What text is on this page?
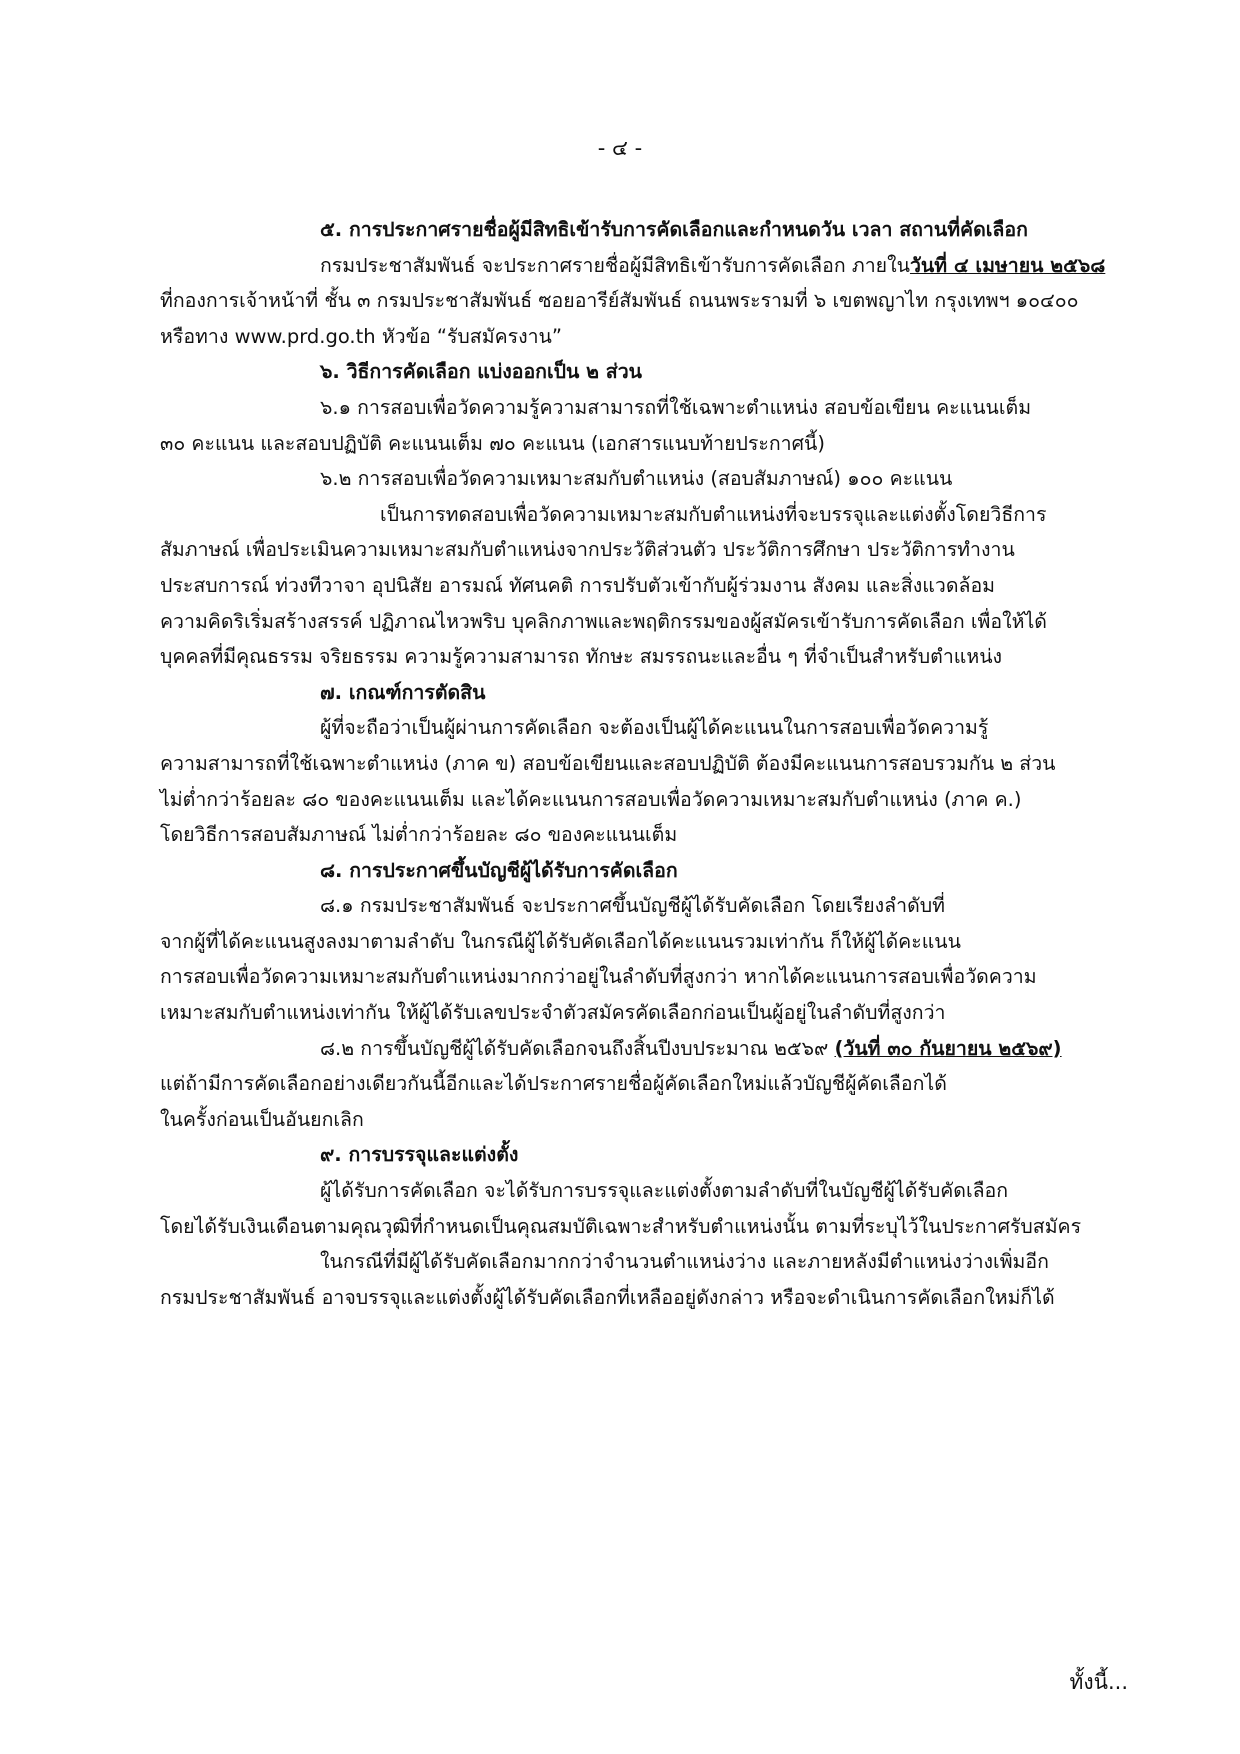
- ๔ -
๕. การประกาศรายชื่อผู้มีสิทธิเข้ารับการคัดเลือกและกำหนดวัน เวลา สถานที่คัดเลือก
กรมประชาสัมพันธ์ จะประกาศรายชื่อผู้มีสิทธิเข้ารับการคัดเลือก ภายในวันที่ ๔ เมษายน ๒๕๖๘
ที่กองการเจ้าหน้าที่ ชั้น ๓ กรมประชาสัมพันธ์ ซอยอารีย์สัมพันธ์ ถนนพระรามที่ ๖ เขตพญาไท กรุงเทพฯ ๑๐๔๐๐
หรือทาง www.prd.go.th หัวข้อ “รับสมัครงาน”
๖. วิธีการคัดเลือก แบ่งออกเป็น ๒ ส่วน
๖.๑ การสอบเพื่อวัดความรู้ความสามารถที่ใช้เฉพาะตำแหน่ง สอบข้อเขียน คะแนนเต็ม
๓๐ คะแนน และสอบปฏิบัติ คะแนนเต็ม ๗๐ คะแนน (เอกสารแนบท้ายประกาศนี้)
๖.๒ การสอบเพื่อวัดความเหมาะสมกับตำแหน่ง (สอบสัมภาษณ์) ๑๐๐ คะแนน
เป็นการทดสอบเพื่อวัดความเหมาะสมกับตำแหน่งที่จะบรรจุและแต่งตั้งโดยวิธีการ
สัมภาษณ์ เพื่อประเมินความเหมาะสมกับตำแหน่งจากประวัติส่วนตัว ประวัติการศึกษา ประวัติการทำงาน
ประสบการณ์ ท่วงทีวาจา อุปนิสัย อารมณ์ ทัศนคติ การปรับตัวเข้ากับผู้ร่วมงาน สังคม และสิ่งแวดล้อม
ความคิดริเริ่มสร้างสรรค์ ปฏิภาณไหวพริบ บุคลิกภาพและพฤติกรรมของผู้สมัครเข้ารับการคัดเลือก เพื่อให้ได้
บุคคลที่มีคุณธรรม จริยธรรม ความรู้ความสามารถ ทักษะ สมรรถนะและอื่น ๆ ที่จำเป็นสำหรับตำแหน่ง
๗. เกณฑ์การตัดสิน
ผู้ที่จะถือว่าเป็นผู้ผ่านการคัดเลือก จะต้องเป็นผู้ได้คะแนนในการสอบเพื่อวัดความรู้
ความสามารถที่ใช้เฉพาะตำแหน่ง (ภาค ข) สอบข้อเขียนและสอบปฏิบัติ ต้องมีคะแนนการสอบรวมกัน ๒ ส่วน
ไม่ต่ำกว่าร้อยละ ๘๐ ของคะแนนเต็ม และได้คะแนนการสอบเพื่อวัดความเหมาะสมกับตำแหน่ง (ภาค ค.)
โดยวิธีการสอบสัมภาษณ์ ไม่ต่ำกว่าร้อยละ ๘๐ ของคะแนนเต็ม
๘. การประกาศขึ้นบัญชีผู้ได้รับการคัดเลือก
๘.๑ กรมประชาสัมพันธ์ จะประกาศขึ้นบัญชีผู้ได้รับคัดเลือก โดยเรียงลำดับที่
จากผู้ที่ได้คะแนนสูงลงมาตามลำดับ ในกรณีผู้ได้รับคัดเลือกได้คะแนนรวมเท่ากัน ก็ให้ผู้ได้คะแนน
การสอบเพื่อวัดความเหมาะสมกับตำแหน่งมากกว่าอยู่ในลำดับที่สูงกว่า หากได้คะแนนการสอบเพื่อวัดความ
เหมาะสมกับตำแหน่งเท่ากัน ให้ผู้ได้รับเลขประจำตัวสมัครคัดเลือกก่อนเป็นผู้อยู่ในลำดับที่สูงกว่า
๘.๒ การขึ้นบัญชีผู้ได้รับคัดเลือกจนถึงสิ้นปีงบประมาณ ๒๕๖๙ (วันที่ ๓๐ กันยายน ๒๕๖๙)
แต่ถ้ามีการคัดเลือกอย่างเดียวกันนี้อีกและได้ประกาศรายชื่อผู้คัดเลือกใหม่แล้วบัญชีผู้คัดเลือกได้
ในครั้งก่อนเป็นอันยกเลิก
๙. การบรรจุและแต่งตั้ง
ผู้ได้รับการคัดเลือก จะได้รับการบรรจุและแต่งตั้งตามลำดับที่ในบัญชีผู้ได้รับคัดเลือก
โดยได้รับเงินเดือนตามคุณวุฒิที่กำหนดเป็นคุณสมบัติเฉพาะสำหรับตำแหน่งนั้น ตามที่ระบุไว้ในประกาศรับสมัคร
ในกรณีที่มีผู้ได้รับคัดเลือกมากกว่าจำนวนตำแหน่งว่าง และภายหลังมีตำแหน่งว่างเพิ่มอีก
กรมประชาสัมพันธ์ อาจบรรจุและแต่งตั้งผู้ได้รับคัดเลือกที่เหลืออยู่ดังกล่าว หรือจะดำเนินการคัดเลือกใหม่ก็ได้
ทั้งนี้...
